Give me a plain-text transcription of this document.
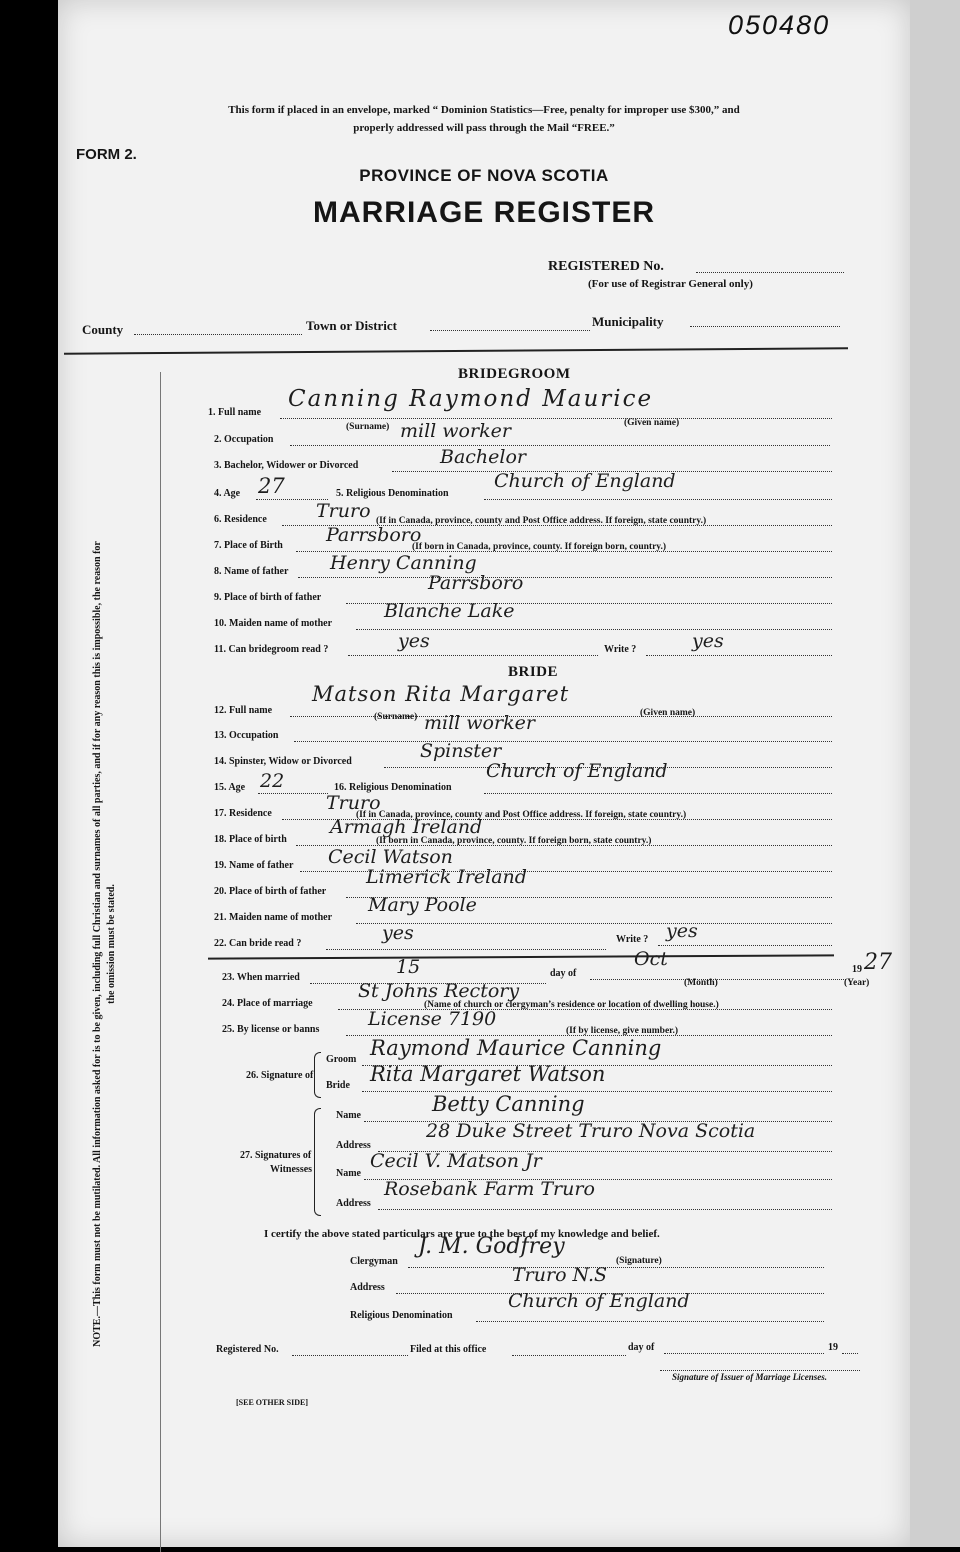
050480
This form if placed in an envelope, marked “ Dominion Statistics—Free, penalty for improper use $300,” and
properly addressed will pass through the Mail “FREE.”
FORM 2.
PROVINCE OF NOVA SCOTIA
MARRIAGE REGISTER
REGISTERED No.
(For use of Registrar General only)
County	Town or District	Municipality
NOTE.—This form must not be mutilated. All information asked for is to be given, including full Christian and surnames of all parties, and if for any reason this is impossible, the reason for the omission must be stated.
BRIDEGROOM
1. Full name
Canning Raymond Maurice
(Surname)	(Given name)
2. Occupation	mill worker
3. Bachelor, Widower or Divorced	Bachelor
4. Age 27	5. Religious Denomination
Church of England
6. Residence	Truro (If in Canada, province, county and Post Office address. If foreign, state country.)
7. Place of Birth Parrsboro
(If born in Canada, province, county. If foreign born, country.)
8. Name of father Henry Canning
9. Place of birth of father
Parrsboro
10. Maiden name of mother
Blanche Lake
11. Can bridegroom read ?	yes	Write ?	yes
BRIDE
12. Full name
Matson Rita Margaret
(Surname)	(Given name)
13. Occupation
mill worker
14. Spinster, Widow or Divorced	Spinster
15. Age 22	16. Religious Denomination
Church of England
17. Residence	Truro
(If in Canada, province, county and Post Office address. If foreign, state country.)
18. Place of birth
Armagh Ireland
(If born in Canada, province, county. If foreign born, state country.)
19. Name of father Cecil Watson
20. Place of birth of father
Limerick Ireland
21. Maiden name of mother
Mary Poole
22. Can bride read ?	yes	Write ? yes
23. When married	15	day of
Oct
(Month)
19 27
(Year)
24. Place of marriage
St Johns Rectory
(Name of church or clergyman’s residence or location of dwelling house.)
25. By license or banns	License 7190
(If by license, give number.)
26. Signature of
Groom Raymond Maurice Canning
Bride Rita Margaret Watson
27. Signatures of
Witnesses
Name	Betty Canning
Address
28 Duke Street Truro Nova Scotia
Name
Cecil V. Matson Jr
Address
Rosebank Farm Truro
I certify the above stated particulars are true to the best of my knowledge and belief.
Clergyman
J. M. Godfrey
(Signature)
Address
Truro N.S
Religious Denomination
Church of England
Registered No.	Filed at this office	day of	19
Signature of Issuer of Marriage Licenses.
[SEE OTHER SIDE]
